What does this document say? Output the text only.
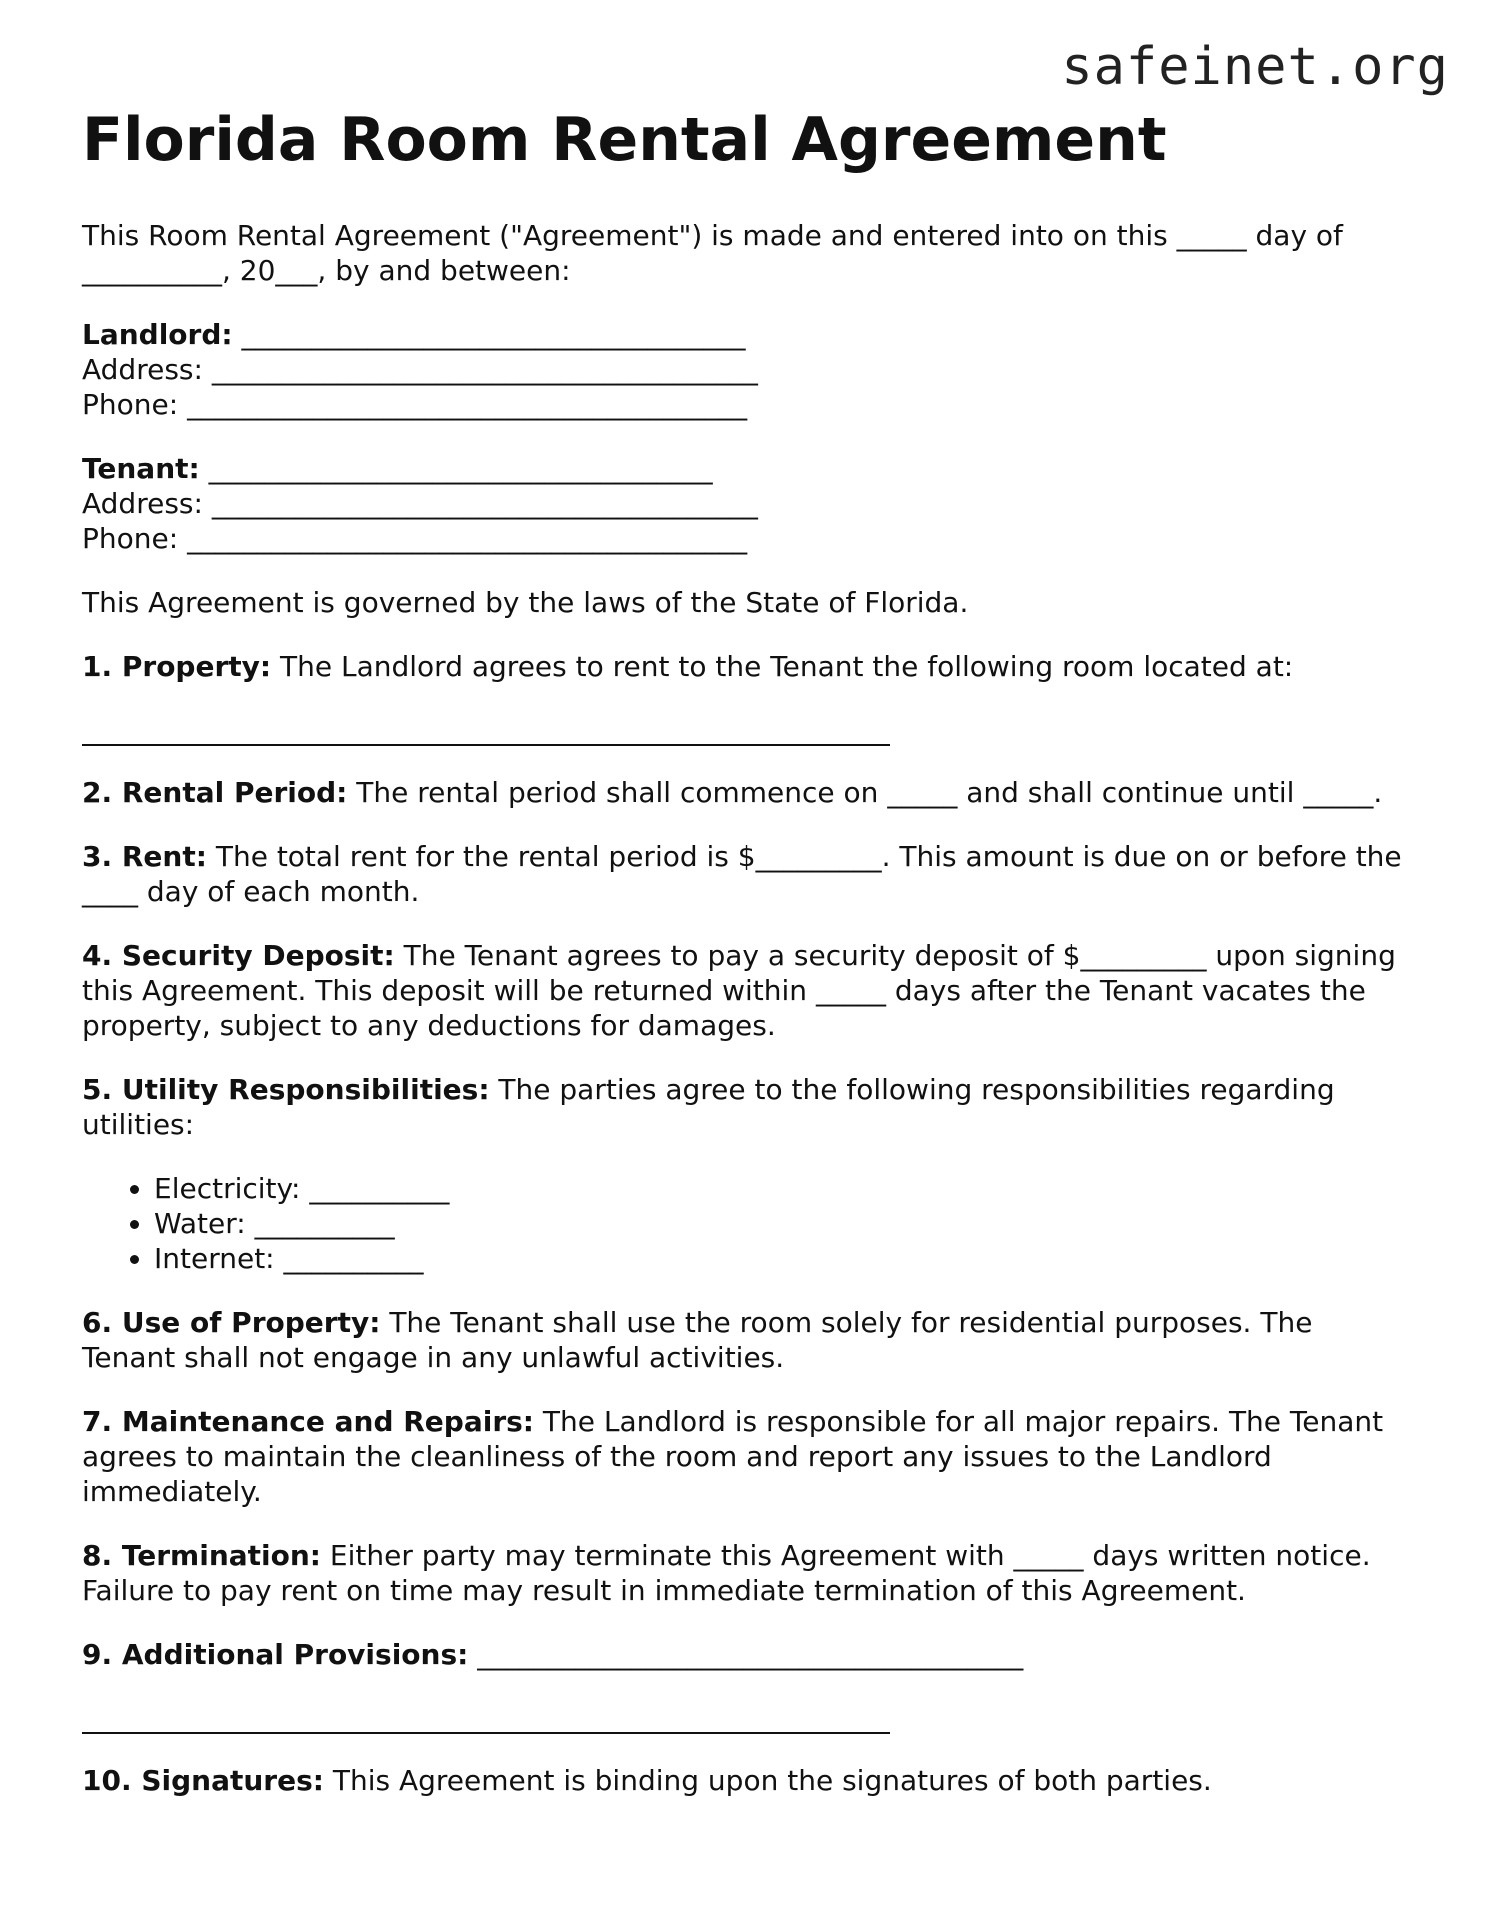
safeinet.org

Florida Room Rental Agreement

This Room Rental Agreement ("Agreement") is made and entered into on this _____ day of __________, 20___, by and between:

Landlord: ____________________________________

Address: _______________________________________

Phone: ________________________________________

Tenant: ____________________________________

Address: _______________________________________

Phone: ________________________________________

This Agreement is governed by the laws of the State of Florida.

1. Property: The Landlord agrees to rent to the Tenant the following room located at:

2. Rental Period: The rental period shall commence on _____ and shall continue until _____.

3. Rent: The total rent for the rental period is $_________. This amount is due on or before the ____ day of each month.

4. Security Deposit: The Tenant agrees to pay a security deposit of $_________ upon signing this Agreement. This deposit will be returned within _____ days after the Tenant vacates the property, subject to any deductions for damages.

5. Utility Responsibilities: The parties agree to the following responsibilities regarding utilities:

• Electricity: __________
• Water: __________
• Internet: __________

6. Use of Property: The Tenant shall use the room solely for residential purposes. The Tenant shall not engage in any unlawful activities.

7. Maintenance and Repairs: The Landlord is responsible for all major repairs. The Tenant agrees to maintain the cleanliness of the room and report any issues to the Landlord immediately.

8. Termination: Either party may terminate this Agreement with _____ days written notice. Failure to pay rent on time may result in immediate termination of this Agreement.

9. Additional Provisions: _______________________________________

10. Signatures: This Agreement is binding upon the signatures of both parties.
